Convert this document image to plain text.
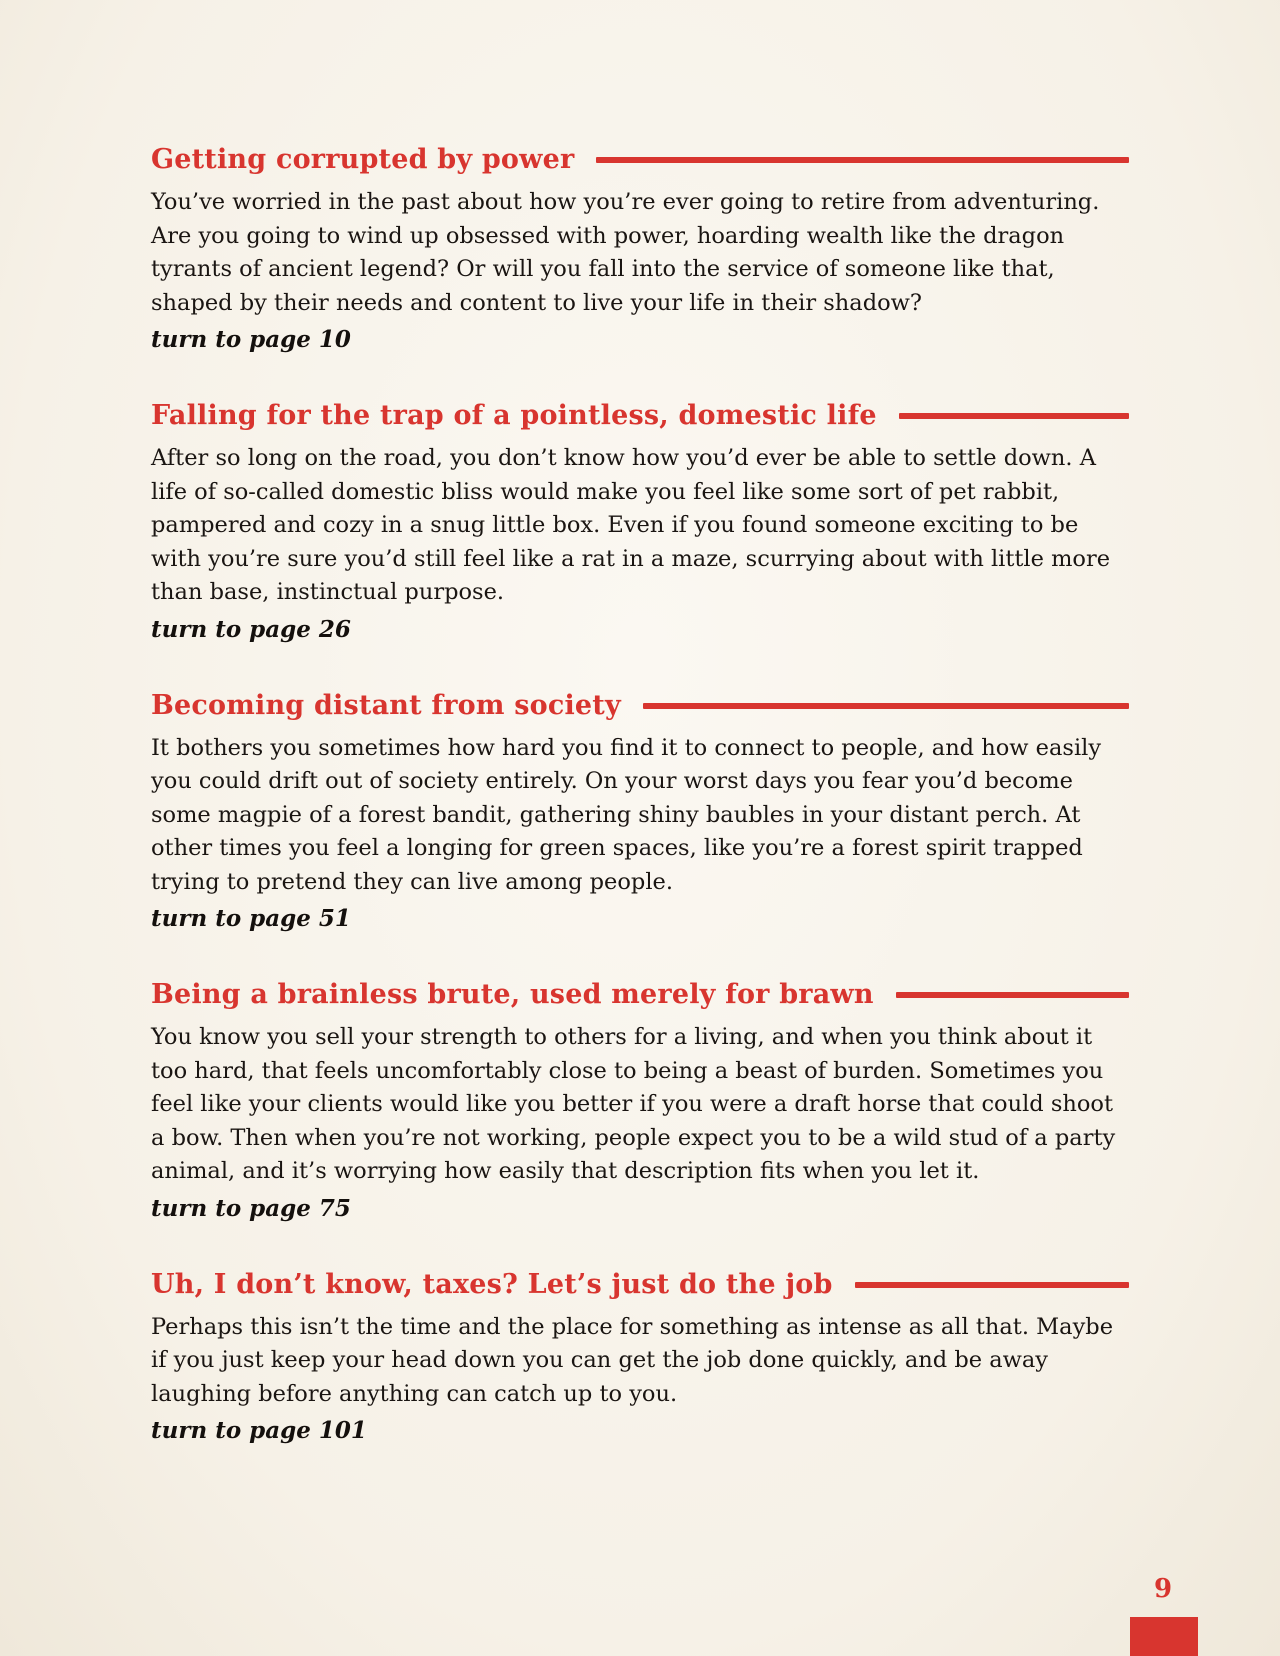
Getting corrupted by power

You’ve worried in the past about how you’re ever going to retire from adventuring. Are you going to wind up obsessed with power, hoarding wealth like the dragon tyrants of ancient legend? Or will you fall into the service of someone like that, shaped by their needs and content to live your life in their shadow?

turn to page 10
Falling for the trap of a pointless, domestic life

After so long on the road, you don’t know how you’d ever be able to settle down. A life of so-called domestic bliss would make you feel like some sort of pet rabbit, pampered and cozy in a snug little box. Even if you found someone exciting to be with you’re sure you’d still feel like a rat in a maze, scurrying about with little more than base, instinctual purpose.

turn to page 26
Becoming distant from society

It bothers you sometimes how hard you find it to connect to people, and how easily you could drift out of society entirely. On your worst days you fear you’d become some magpie of a forest bandit, gathering shiny baubles in your distant perch. At other times you feel a longing for green spaces, like you’re a forest spirit trapped trying to pretend they can live among people.

turn to page 51
Being a brainless brute, used merely for brawn

You know you sell your strength to others for a living, and when you think about it too hard, that feels uncomfortably close to being a beast of burden. Sometimes you feel like your clients would like you better if you were a draft horse that could shoot a bow. Then when you’re not working, people expect you to be a wild stud of a party animal, and it’s worrying how easily that description fits when you let it.

turn to page 75
Uh, I don’t know, taxes? Let’s just do the job

Perhaps this isn’t the time and the place for something as intense as all that. Maybe if you just keep your head down you can get the job done quickly, and be away laughing before anything can catch up to you.

turn to page 101
9
